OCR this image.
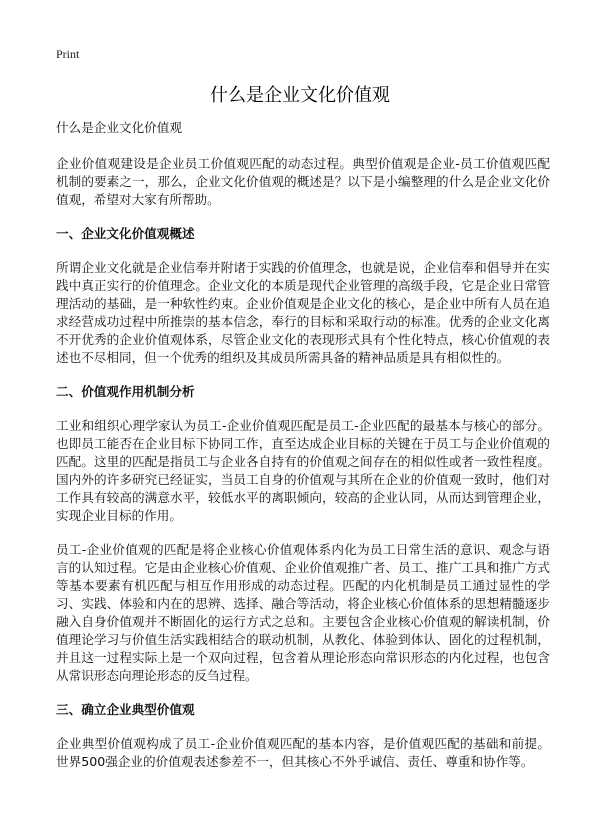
Print
什么是企业文化价值观

什么是企业文化价值观

企业价值观建设是企业员工价值观匹配的动态过程。典型价值观是企业-员工价值观匹配机制的要素之一，那么，企业文化价值观的概述是？以下是小编整理的什么是企业文化价值观，希望对大家有所帮助。

一、企业文化价值观概述

所谓企业文化就是企业信奉并附诸于实践的价值理念，也就是说，企业信奉和倡导并在实践中真正实行的价值理念。企业文化的本质是现代企业管理的高级手段，它是企业日常管理活动的基础，是一种软性约束。企业价值观是企业文化的核心，是企业中所有人员在追求经营成功过程中所推崇的基本信念，奉行的目标和采取行动的标准。优秀的企业文化离不开优秀的企业价值观体系，尽管企业文化的表现形式具有个性化特点，核心价值观的表述也不尽相同，但一个优秀的组织及其成员所需具备的精神品质是具有相似性的。

二、价值观作用机制分析

工业和组织心理学家认为员工-企业价值观匹配是员工-企业匹配的最基本与核心的部分。也即员工能否在企业目标下协同工作，直至达成企业目标的关键在于员工与企业价值观的匹配。这里的匹配是指员工与企业各自持有的价值观之间存在的相似性或者一致性程度。国内外的许多研究已经证实，当员工自身的价值观与其所在企业的价值观一致时，他们对工作具有较高的满意水平，较低水平的离职倾向，较高的企业认同，从而达到管理企业，实现企业目标的作用。

员工-企业价值观的匹配是将企业核心价值观体系内化为员工日常生活的意识、观念与语言的认知过程。它是由企业核心价值观、企业价值观推广者、员工、推广工具和推广方式等基本要素有机匹配与相互作用形成的动态过程。匹配的内化机制是员工通过显性的学习、实践、体验和内在的思辨、选择、融合等活动，将企业核心价值体系的思想精髓逐步融入自身价值观并不断固化的运行方式之总和。主要包含企业核心价值观的解读机制，价值理论学习与价值生活实践相结合的联动机制，从教化、体验到体认、固化的过程机制，并且这一过程实际上是一个双向过程，包含着从理论形态向常识形态的内化过程，也包含从常识形态向理论形态的反刍过程。

三、确立企业典型价值观

企业典型价值观构成了员工-企业价值观匹配的基本内容，是价值观匹配的基础和前提。世界500强企业的价值观表述参差不一，但其核心不外乎诚信、责任、尊重和协作等。
